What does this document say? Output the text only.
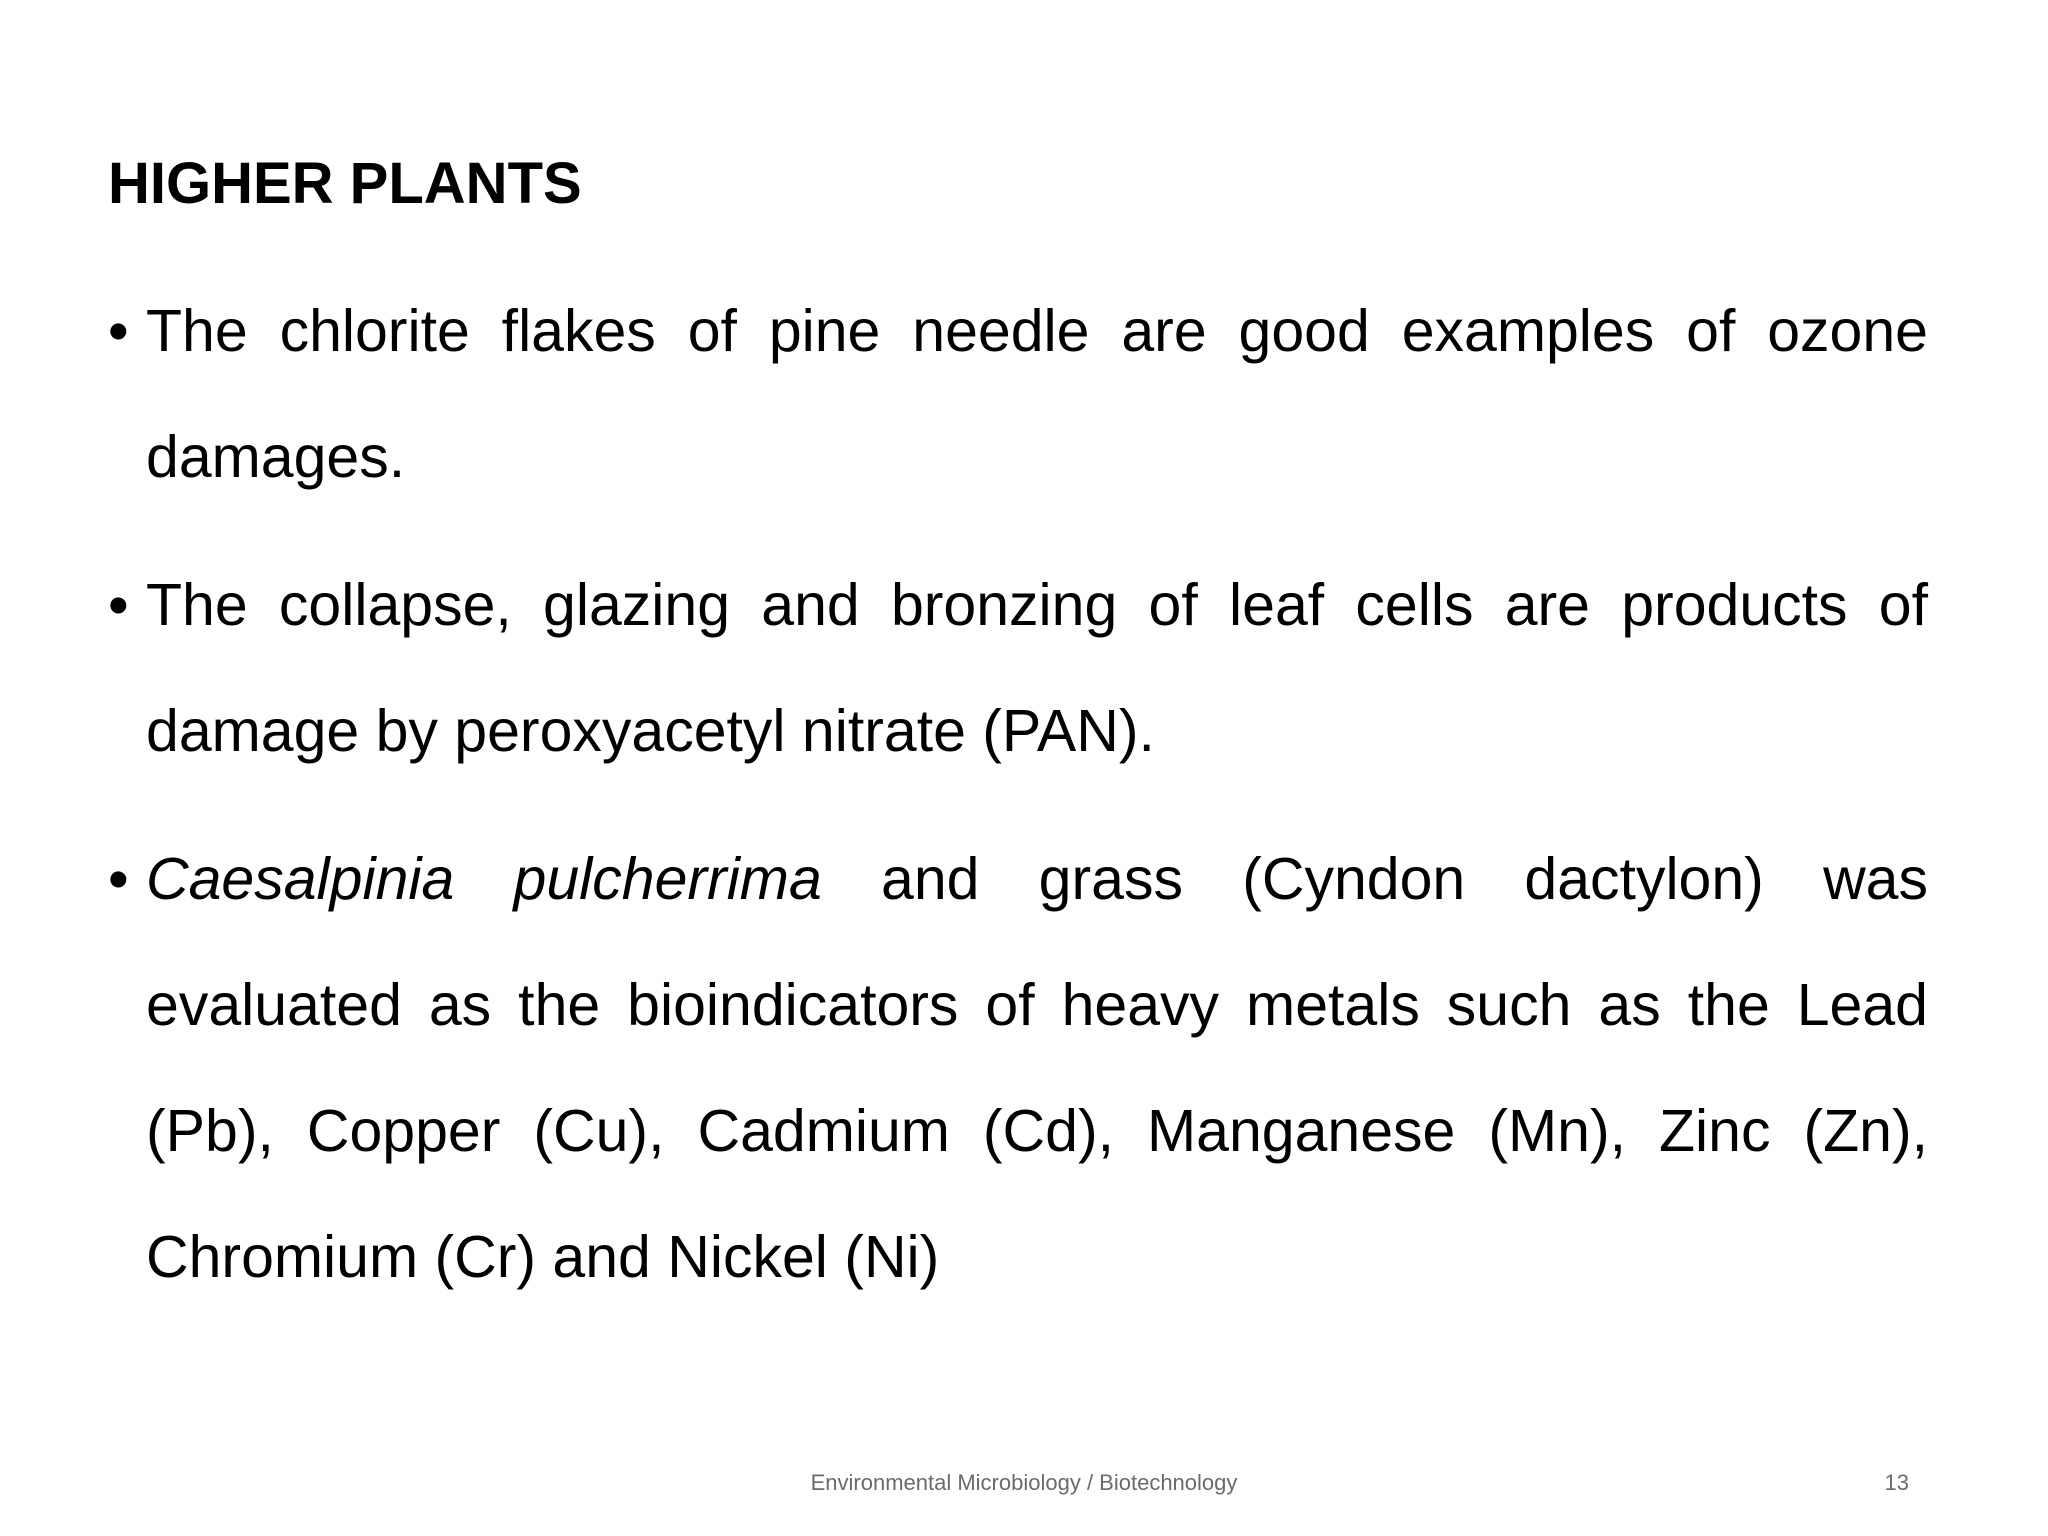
HIGHER PLANTS
• The chlorite flakes of pine needle are good examples of ozone damages.
• The collapse, glazing and bronzing of leaf cells are products of damage by peroxyacetyl nitrate (PAN).
• Caesalpinia pulcherrima and grass (Cyndon dactylon) was evaluated as the bioindicators of heavy metals such as the Lead (Pb), Copper (Cu), Cadmium (Cd), Manganese (Mn), Zinc (Zn), Chromium (Cr) and Nickel (Ni)
Environmental Microbiology / Biotechnology	13
